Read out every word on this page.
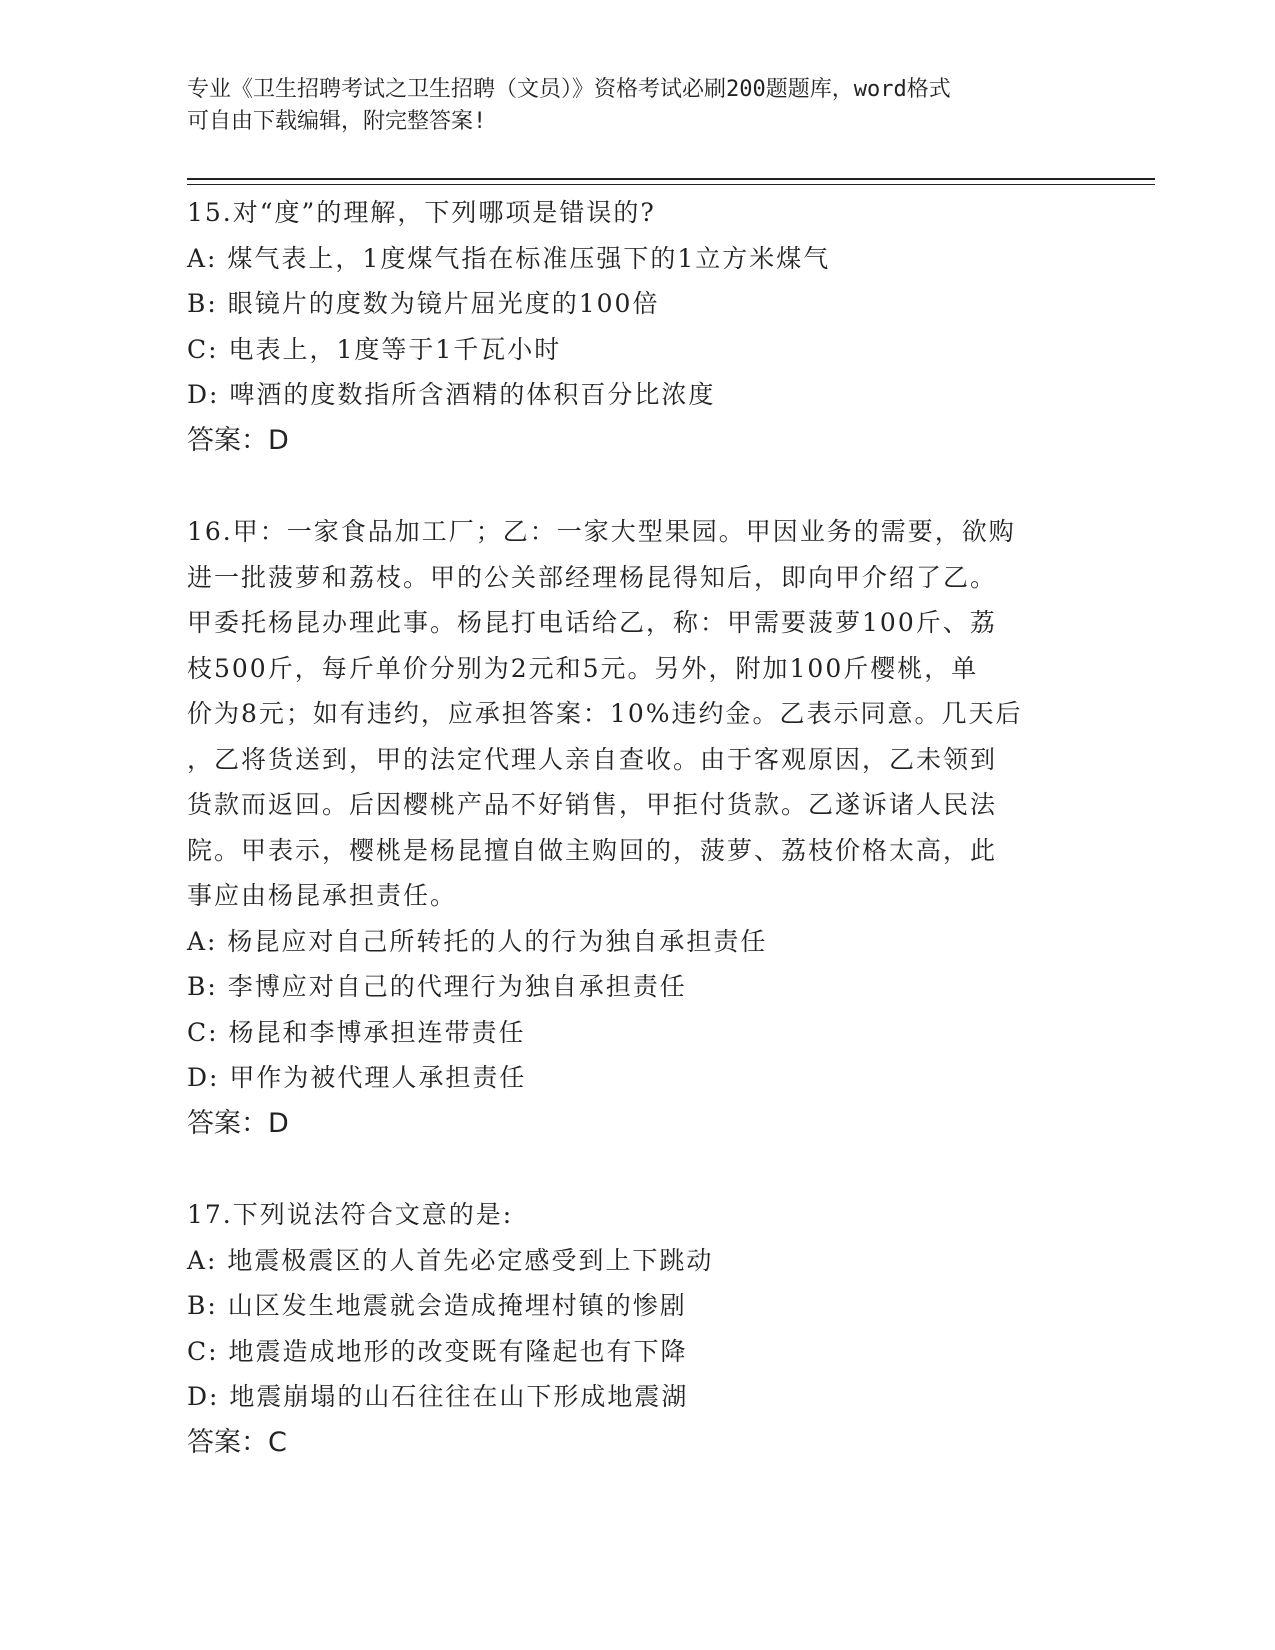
专业《卫生招聘考试之卫生招聘（文员）》资格考试必刷200题题库，word格式
可自由下载编辑，附完整答案!
15.对“度”的理解，下列哪项是错误的?
A: 煤气表上，1度煤气指在标准压强下的1立方米煤气
B: 眼镜片的度数为镜片屈光度的100倍
C: 电表上，1度等于1千瓦小时
D: 啤酒的度数指所含酒精的体积百分比浓度
答案：D
16.甲：一家食品加工厂；乙：一家大型果园。甲因业务的需要，欲购
进一批菠萝和荔枝。甲的公关部经理杨昆得知后，即向甲介绍了乙。
甲委托杨昆办理此事。杨昆打电话给乙，称：甲需要菠萝100斤、荔
枝500斤，每斤单价分别为2元和5元。另外，附加100斤樱桃，单
价为8元；如有违约，应承担答案：10%违约金。乙表示同意。几天后
，乙将货送到，甲的法定代理人亲自查收。由于客观原因，乙未领到
货款而返回。后因樱桃产品不好销售，甲拒付货款。乙遂诉诸人民法
院。甲表示，樱桃是杨昆擅自做主购回的，菠萝、荔枝价格太高，此
事应由杨昆承担责任。
A: 杨昆应对自己所转托的人的行为独自承担责任
B: 李博应对自己的代理行为独自承担责任
C: 杨昆和李博承担连带责任
D: 甲作为被代理人承担责任
答案：D
17.下列说法符合文意的是:
A: 地震极震区的人首先必定感受到上下跳动
B: 山区发生地震就会造成掩埋村镇的惨剧
C: 地震造成地形的改变既有隆起也有下降
D: 地震崩塌的山石往往在山下形成地震湖
答案：C
